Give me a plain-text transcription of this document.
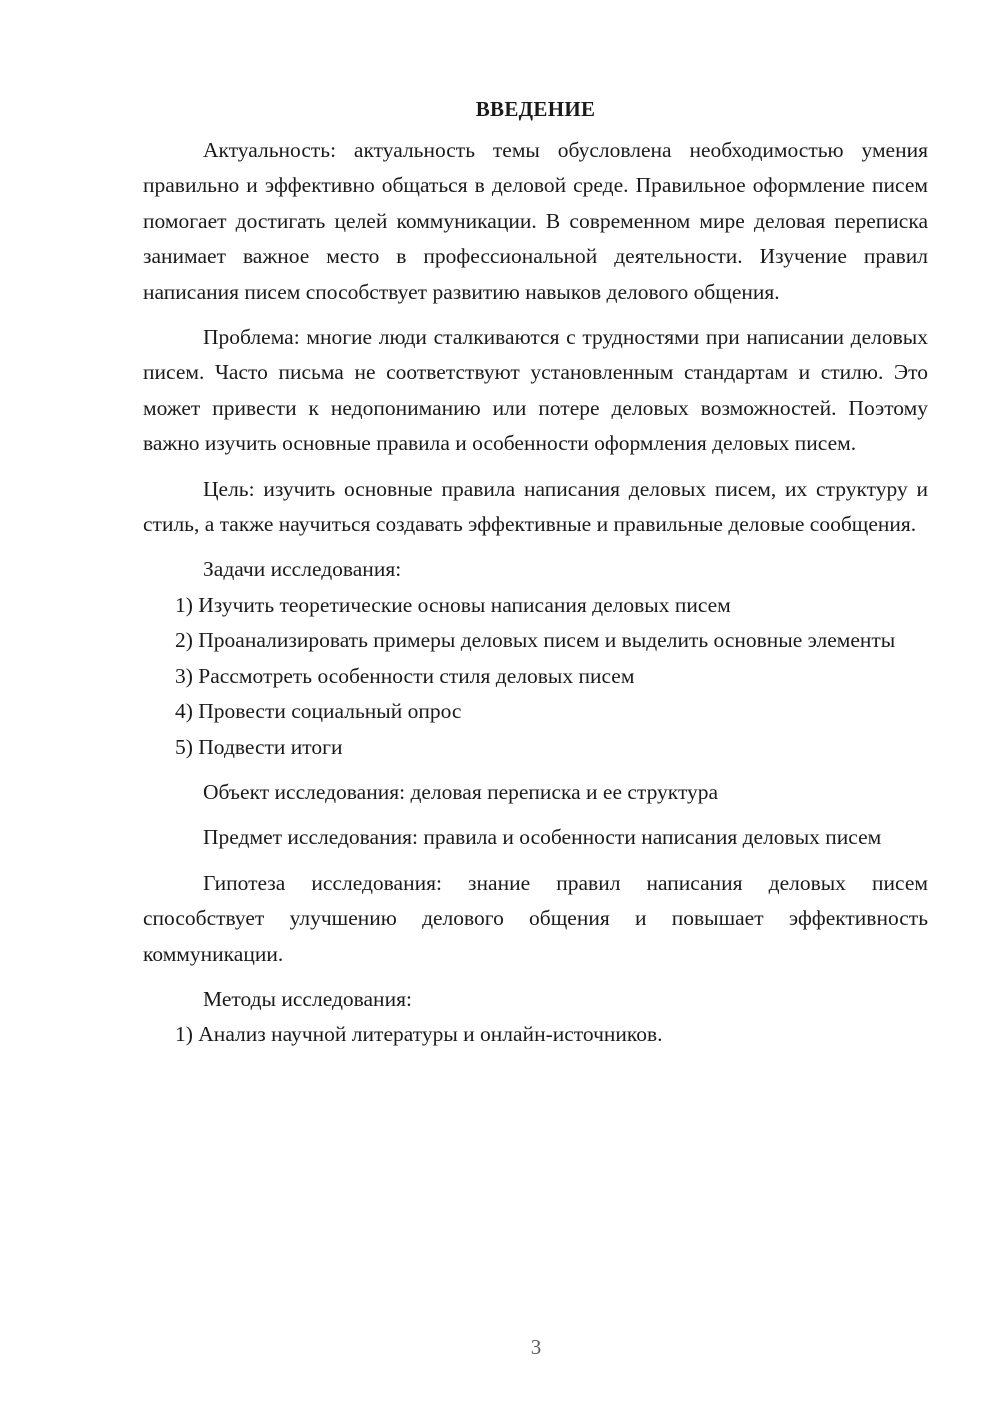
ВВЕДЕНИЕ

Актуальность: актуальность темы обусловлена необходимостью умения правильно и эффективно общаться в деловой среде. Правильное оформление писем помогает достигать целей коммуникации. В современном мире деловая переписка занимает важное место в профессиональной деятельности. Изучение правил написания писем способствует развитию навыков делового общения.

Проблема: многие люди сталкиваются с трудностями при написании деловых писем. Часто письма не соответствуют установленным стандартам и стилю. Это может привести к недопониманию или потере деловых возможностей. Поэтому важно изучить основные правила и особенности оформления деловых писем.

Цель: изучить основные правила написания деловых писем, их структуру и стиль, а также научиться создавать эффективные и правильные деловые сообщения.

Задачи исследования:

1) Изучить теоретические основы написания деловых писем

2) Проанализировать примеры деловых писем и выделить основные элементы

3) Рассмотреть особенности стиля деловых писем

4) Провести социальный опрос

5) Подвести итоги

Объект исследования: деловая переписка и ее структура

Предмет исследования: правила и особенности написания деловых писем

Гипотеза исследования: знание правил написания деловых писем способствует улучшению делового общения и повышает эффективность коммуникации.

Методы исследования:

1) Анализ научной литературы и онлайн-источников.

3
